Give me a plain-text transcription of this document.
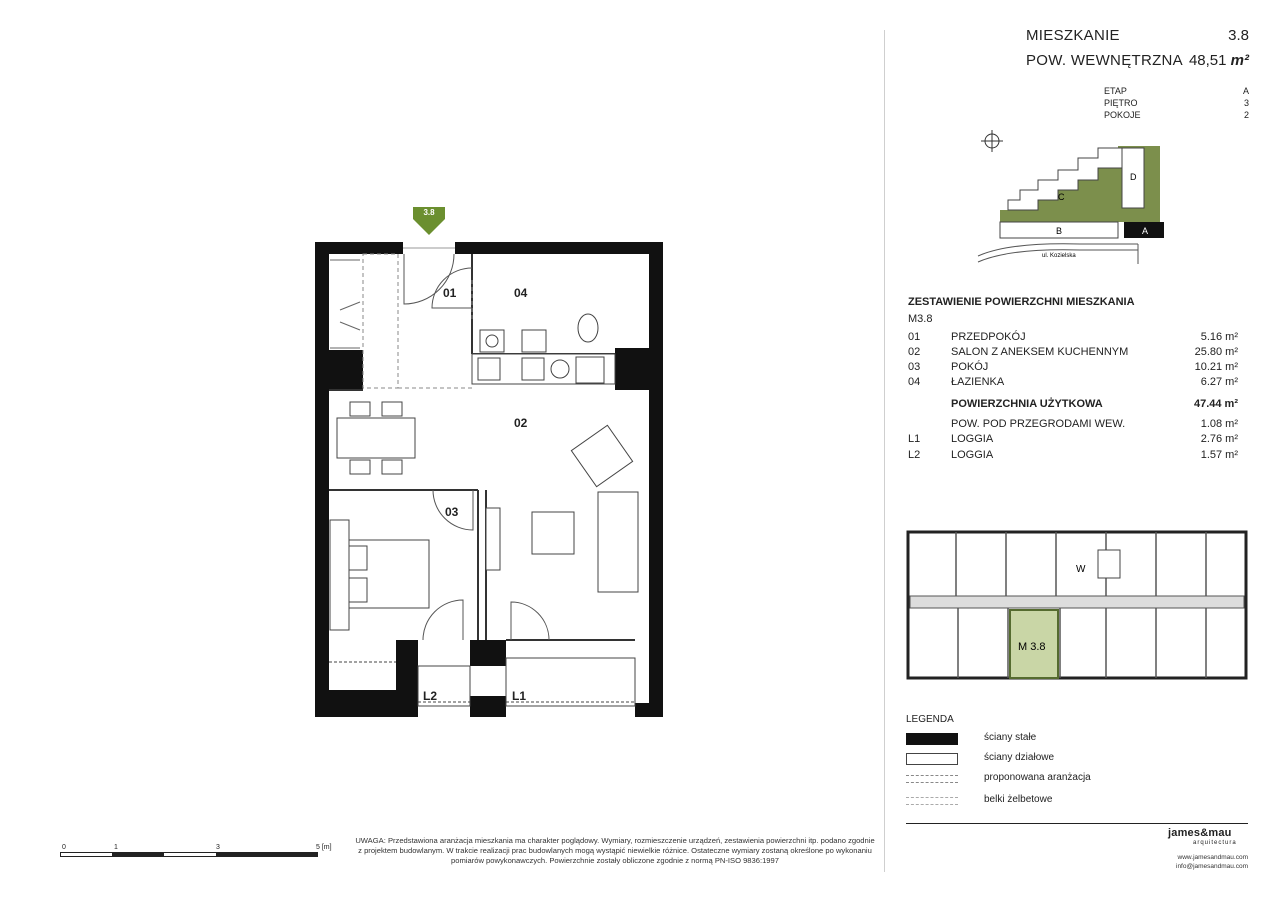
01	04
02
03
L2	L1
3.8
0	1	3	5 [m]
UWAGA: Przedstawiona aranżacja mieszkania ma charakter poglądowy. Wymiary, rozmieszczenie urządzeń, zestawienia powierzchni itp. podano zgodnie z projektem budowlanym. W trakcie realizacji prac budowlanych mogą wystąpić niewielkie różnice. Ostateczne wymiary zostaną określone po wykonaniu pomiarów powykonawczych. Powierzchnie zostały obliczone zgodnie z normą PN-ISO 9836:1997
MIESZKANIE	3.8
POW. WEWNĘTRZNA 48,51 m²
ETAP	A
PIĘTRO	3
POKOJE	2
C
D
B	A
ul. Kozielska
ZESTAWIENIE POWIERZCHNI MIESZKANIA
M3.8
01	PRZEDPOKÓJ	5.16 m²
02	SALON Z ANEKSEM KUCHENNYM	25.80 m²
03	POKÓJ	10.21 m²
04	ŁAZIENKA	6.27 m²
POWIERZCHNIA UŻYTKOWA	47.44 m²
POW. POD PRZEGRODAMI WEW.	1.08 m²
L1	LOGGIA	2.76 m²
L2	LOGGIA	1.57 m²
W
M 3.8
LEGENDA
ściany stałe
ściany działowe
proponowana aranżacja
belki żelbetowe
james&mau
arquitectura
www.jamesandmau.com
info@jamesandmau.com
